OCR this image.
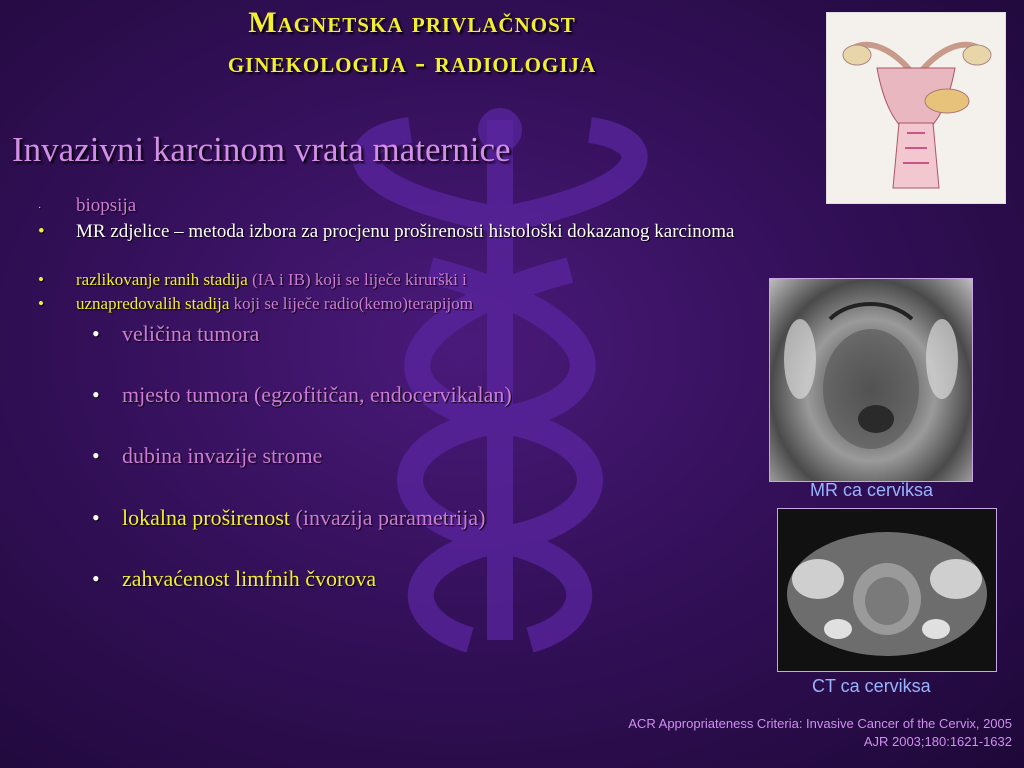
Magnetska privlačnost
ginekologija - radiologija
Invazivni karcinom vrata maternice
· biopsija
• MR zdjelice – metoda izbora za procjenu proširenosti histološki dokazanog karcinoma
• razlikovanje ranih stadija (IA i IB) koji se liječe kirurški i
• uznapredovalih stadija koji se liječe radio(kemo)terapijom
• veličina tumora
• mjesto tumora (egzofitičan, endocervikalan)
• dubina invazije strome
• lokalna proširenost (invazija parametrija)
• zahvaćenost limfnih čvorova
MR ca cerviksa
CT ca cerviksa
ACR Appropriateness Criteria: Invasive Cancer of the Cervix, 2005
AJR 2003;180:1621-1632
